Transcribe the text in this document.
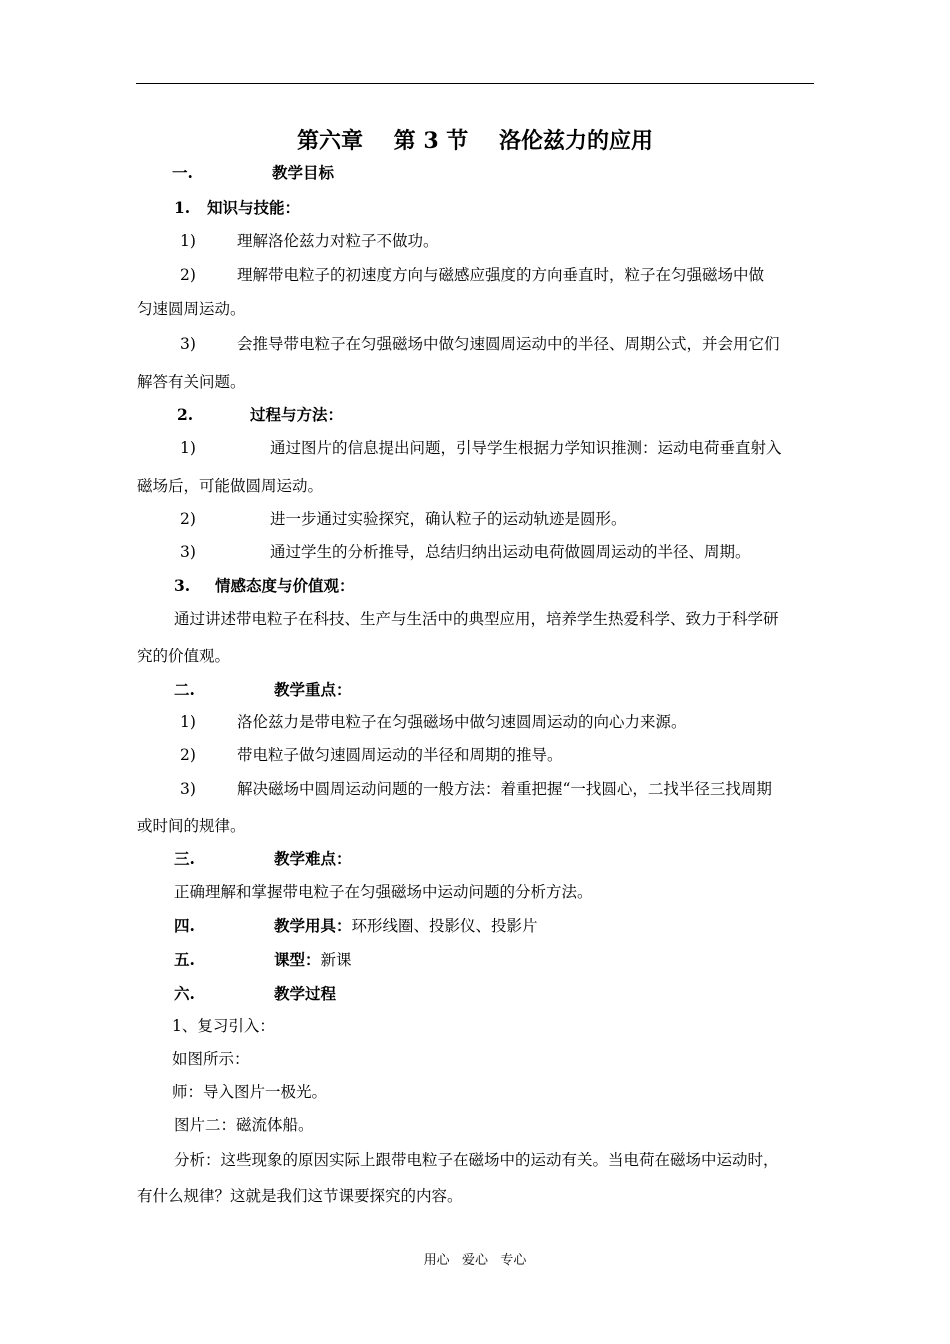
第六章    第 3 节    洛伦兹力的应用
一.	教学目标
1. 知识与技能：
1)	理解洛伦兹力对粒子不做功。
2)	理解带电粒子的初速度方向与磁感应强度的方向垂直时，粒子在匀强磁场中做
匀速圆周运动。
3)	会推导带电粒子在匀强磁场中做匀速圆周运动中的半径、周期公式，并会用它们
解答有关问题。
2.	过程与方法：
1)	通过图片的信息提出问题，引导学生根据力学知识推测：运动电荷垂直射入
磁场后，可能做圆周运动。
2)	进一步通过实验探究，确认粒子的运动轨迹是圆形。
3)	通过学生的分析推导，总结归纳出运动电荷做圆周运动的半径、周期。
3. 情感态度与价值观：
通过讲述带电粒子在科技、生产与生活中的典型应用，培养学生热爱科学、致力于科学研
究的价值观。
二.	教学重点：
1)	洛伦兹力是带电粒子在匀强磁场中做匀速圆周运动的向心力来源。
2)	带电粒子做匀速圆周运动的半径和周期的推导。
3)	解决磁场中圆周运动问题的一般方法：着重把握“一找圆心，二找半径三找周期
或时间的规律。
三.	教学难点：
正确理解和掌握带电粒子在匀强磁场中运动问题的分析方法。
四.	教学用具：环形线圈、投影仪、投影片
五.	课型：新课
六.	教学过程
1、复习引入：
如图所示：
师：导入图片一极光。
图片二：磁流体船。
分析：这些现象的原因实际上跟带电粒子在磁场中的运动有关。当电荷在磁场中运动时，
有什么规律？这就是我们这节课要探究的内容。
用心   爱心   专心
